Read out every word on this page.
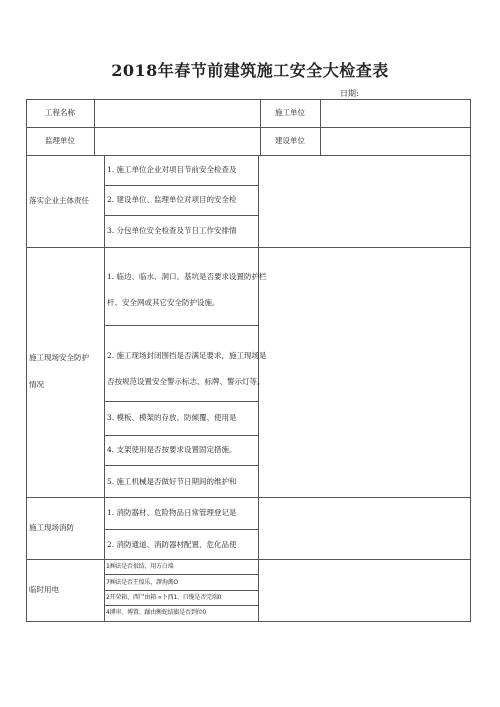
2018年春节前建筑施工安全大检查表
日期:
工程名称	施工单位
监理单位	建设单位
落实企业主体责任
1. 施工单位企业对项目节前安全检查及
2. 建设单位、监理单位对项目的安全检
3. 分包单位安全检查及节日工作安排情
施工现场安全防护
情况
1. 临边、临水、洞口、基坑是否要求设置防护栏
杆、安全网或其它安全防护设施。
2. 施工现场封闭围挡是否满足要求，施工现场是
否按规范设置安全警示标志、标牌、警示灯等。
3. 模板、模架的存放、防倾覆、使用是
4. 支架使用是否按要求设置固定措施。
5. 施工机械是否做好节日期间的维护和
施工现场消防
1. 消防器材、危险物品日常管理登记是
2. 消防通道、消防器材配置、危化品使
临时用电
1㈱法是否很结，用方白端
7㈱法是否王惶乐，謬洵禽O
2开荣箱、西尸由箱 ∝卜西1、口缆是否完端0
4博审、博置、踊由衡蛇结旗是否到位0
